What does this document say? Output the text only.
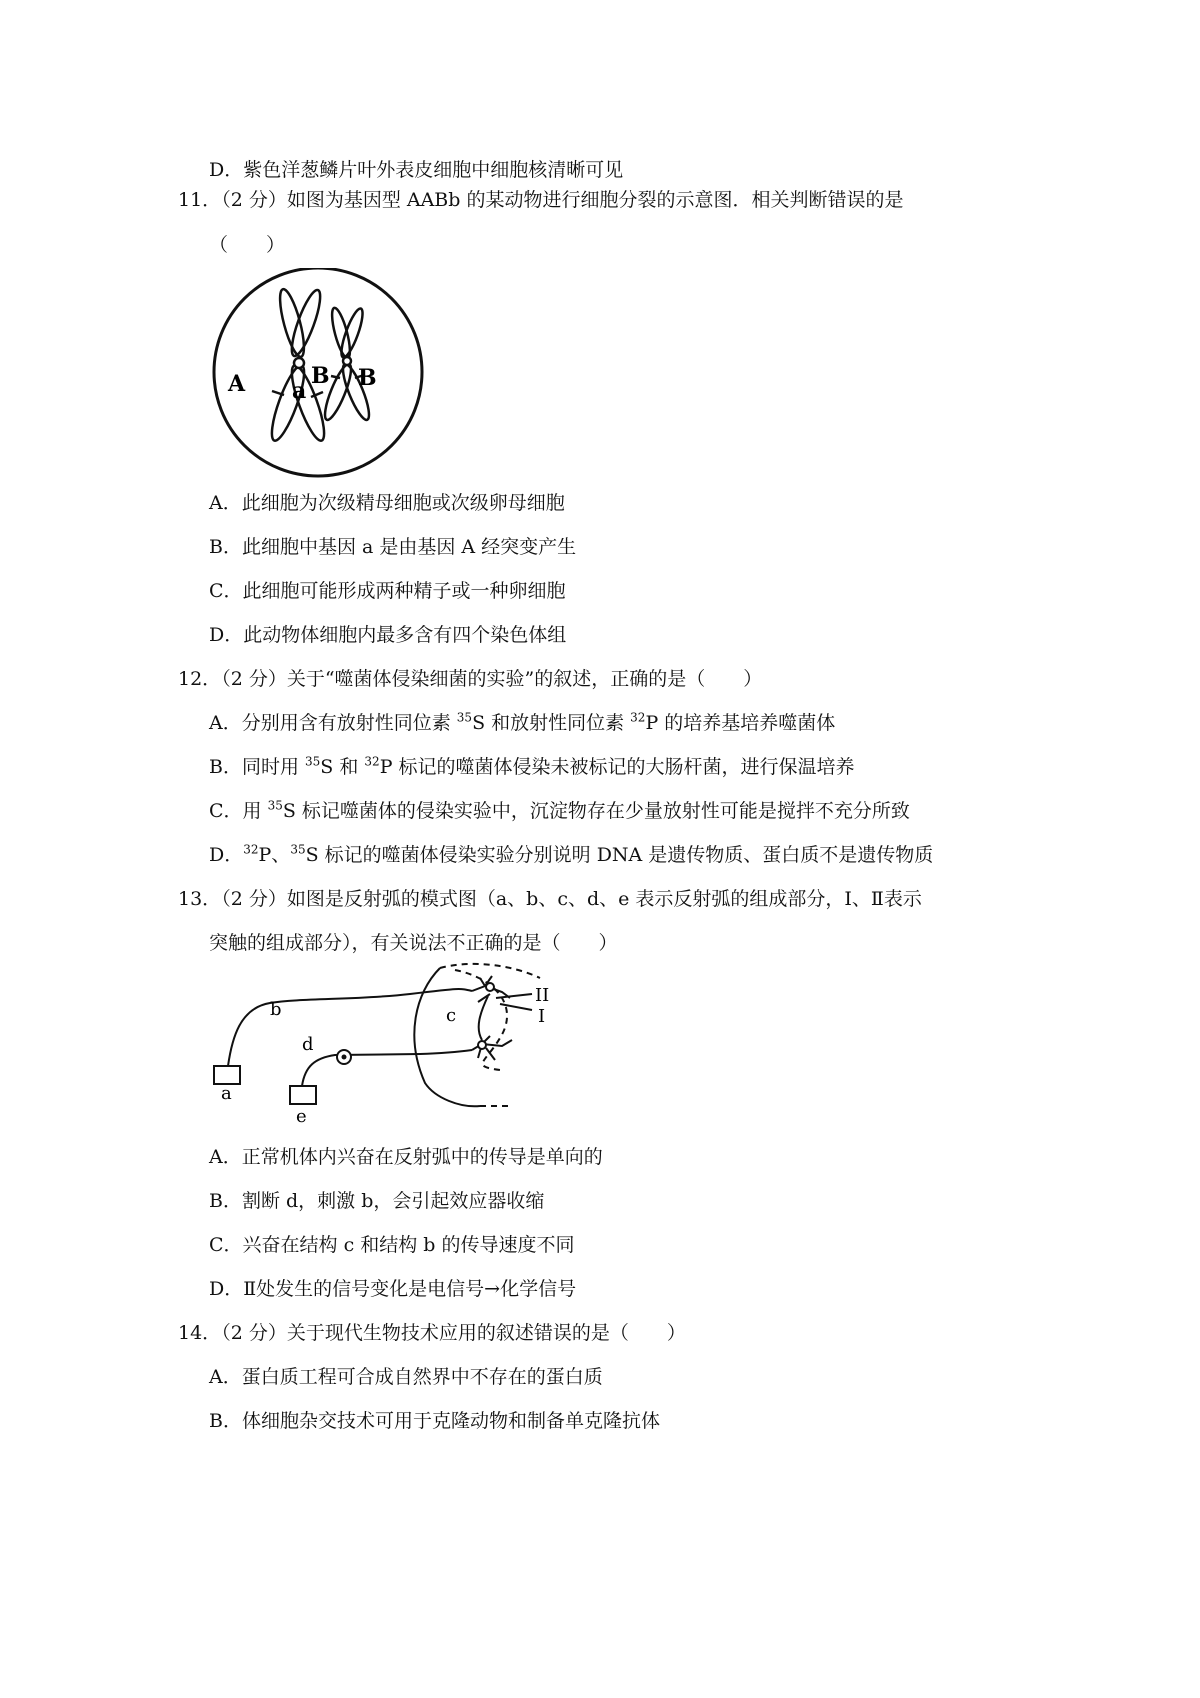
D．紫色洋葱鳞片叶外表皮细胞中细胞核清晰可见
11．（2 分）如图为基因型 AABb 的某动物进行细胞分裂的示意图．相关判断错误的是
（　　）
A a
B B
A．此细胞为次级精母细胞或次级卵母细胞
B．此细胞中基因 a 是由基因 A 经突变产生
C．此细胞可能形成两种精子或一种卵细胞
D．此动物体细胞内最多含有四个染色体组
12．（2 分）关于“噬菌体侵染细菌的实验”的叙述，正确的是（　　）
A．分别用含有放射性同位素 $^{35}$S 和放射性同位素 $^{32}$P 的培养基培养噬菌体
B．同时用 $^{35}$S 和 $^{32}$P 标记的噬菌体侵染未被标记的大肠杆菌，进行保温培养
C．用 $^{35}$S 标记噬菌体的侵染实验中，沉淀物存在少量放射性可能是搅拌不充分所致
D．$^{32}$P、$^{35}$S 标记的噬菌体侵染实验分别说明 DNA 是遗传物质、蛋白质不是遗传物质
13．（2 分）如图是反射弧的模式图（a、b、c、d、e 表示反射弧的组成部分，Ⅰ、Ⅱ表示
突触的组成部分），有关说法不正确的是（　　）
a
b	c
d
e
II
I
A．正常机体内兴奋在反射弧中的传导是单向的
B．割断 d，刺激 b，会引起效应器收缩
C．兴奋在结构 c 和结构 b 的传导速度不同
D．Ⅱ处发生的信号变化是电信号→化学信号
14．（2 分）关于现代生物技术应用的叙述错误的是（　　）
A．蛋白质工程可合成自然界中不存在的蛋白质
B．体细胞杂交技术可用于克隆动物和制备单克隆抗体
